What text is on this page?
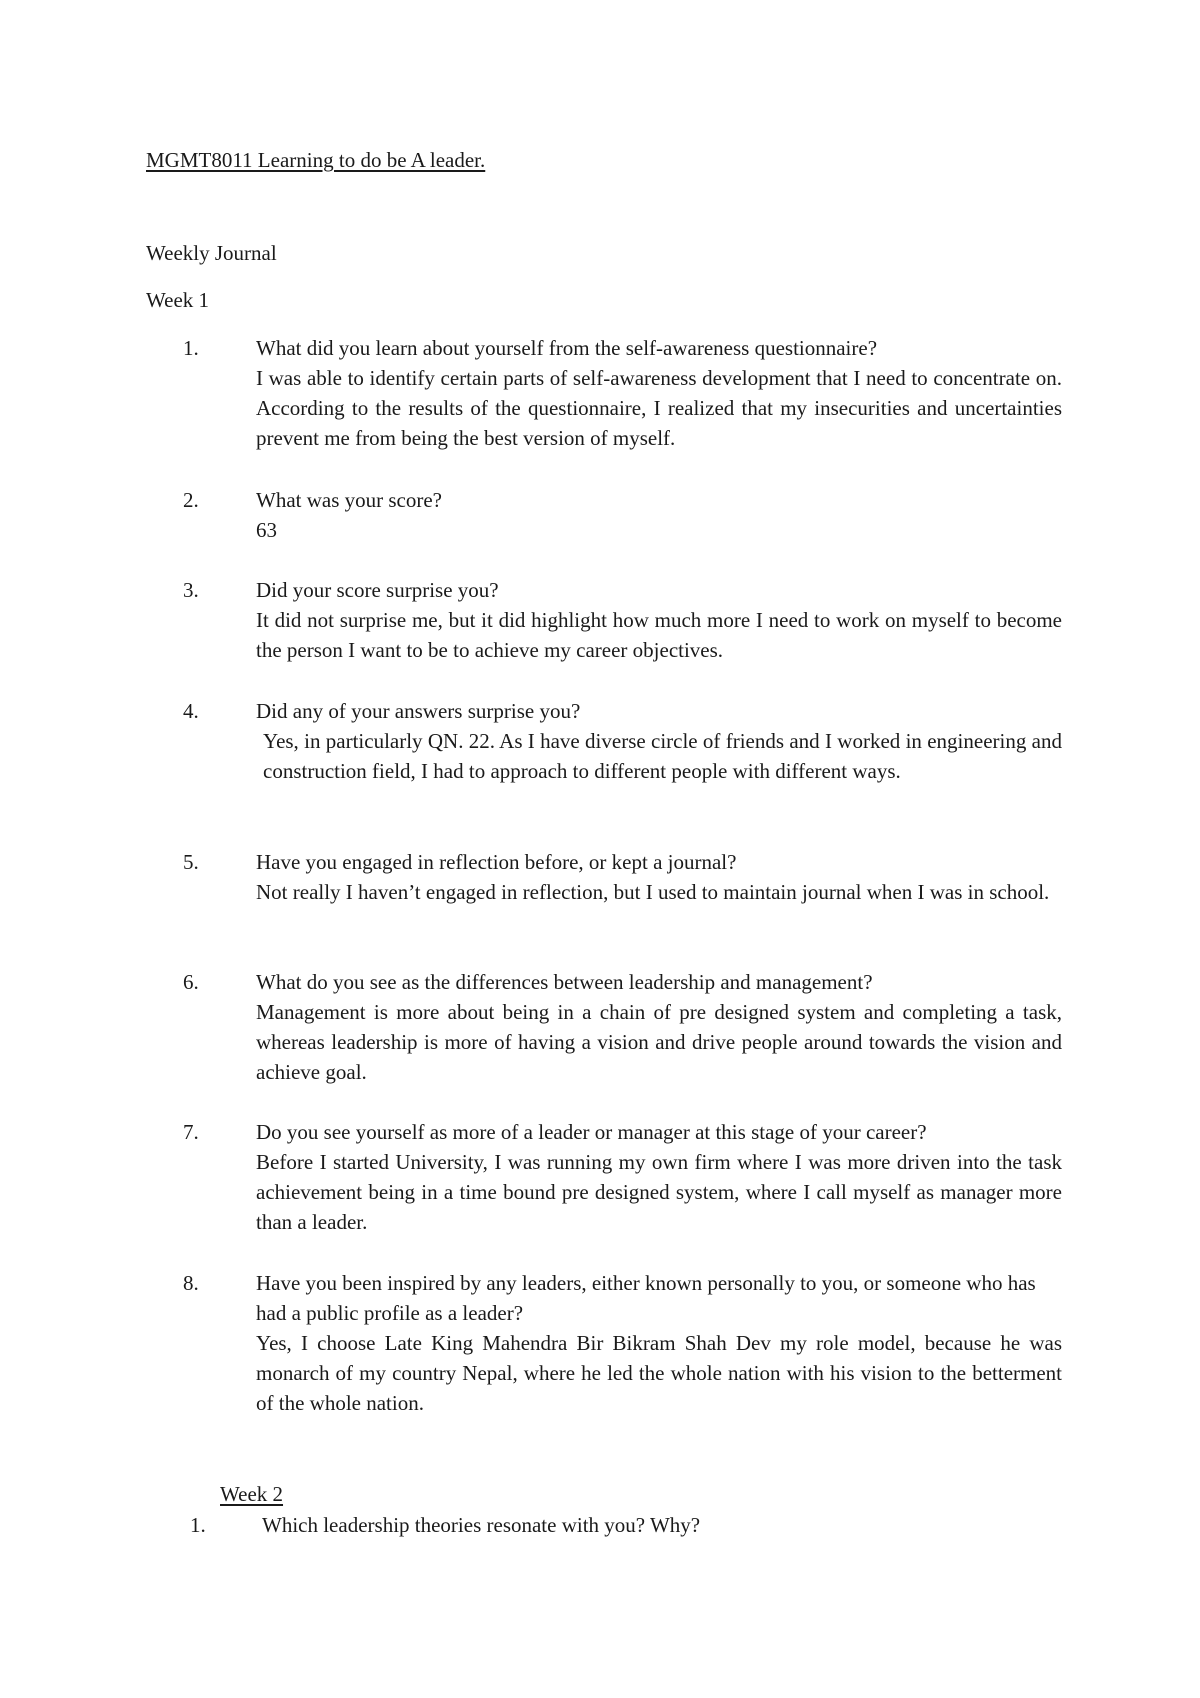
MGMT8011 Learning to do be A leader.

Weekly Journal

Week 1

1.	What did you learn about yourself from the self-awareness questionnaire?
I was able to identify certain parts of self-awareness development that I need to concentrate on. According to the results of the questionnaire, I realized that my insecurities and uncertainties prevent me from being the best version of myself.
2.	What was your score?
63
3.	Did your score surprise you?
It did not surprise me, but it did highlight how much more I need to work on myself to become the person I want to be to achieve my career objectives.
4.	Did any of your answers surprise you?
Yes, in particularly QN. 22. As I have diverse circle of friends and I worked in engineering and construction field, I had to approach to different people with different ways.
5.	Have you engaged in reflection before, or kept a journal?
Not really I haven’t engaged in reflection, but I used to maintain journal when I was in school.
6.	What do you see as the differences between leadership and management?
Management is more about being in a chain of pre designed system and completing a task, whereas leadership is more of having a vision and drive people around towards the vision and achieve goal.
7.	Do you see yourself as more of a leader or manager at this stage of your career?
Before I started University, I was running my own firm where I was more driven into the task achievement being in a time bound pre designed system, where I call myself as manager more than a leader.
8.	Have you been inspired by any leaders, either known personally to you, or someone who has had a public profile as a leader?
Yes, I choose Late King Mahendra Bir Bikram Shah Dev my role model, because he was monarch of my country Nepal, where he led the whole nation with his vision to the betterment of the whole nation.

Week 2

1.	Which leadership theories resonate with you? Why?
